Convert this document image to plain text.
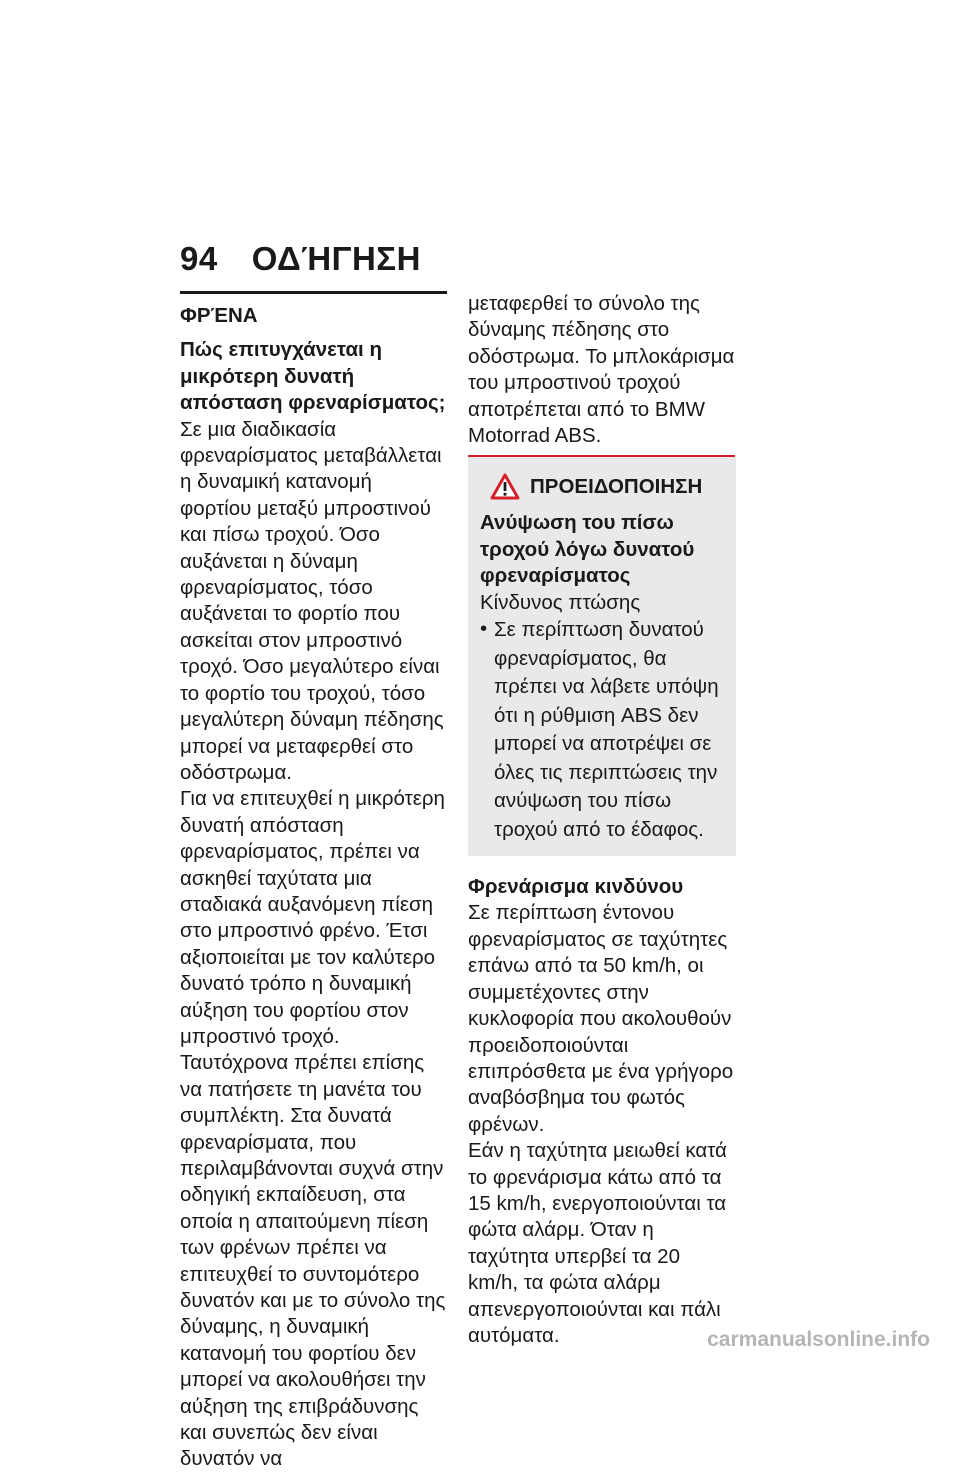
94 ΟΔΉΓΗΣΗ
ΦΡΈΝΑ
Πώς επιτυγχάνεται η μικρότερη δυνατή απόσταση φρεναρίσματος;

Σε μια διαδικασία φρεναρίσματος μεταβάλλεται η δυναμική κατανομή φορτίου μεταξύ μπροστινού και πίσω τροχού. Όσο αυξάνεται η δύναμη φρεναρίσματος, τόσο αυξάνεται το φορτίο που ασκείται στον μπροστινό τροχό. Όσο μεγαλύτερο είναι το φορτίο του τροχού, τόσο μεγαλύτερη δύναμη πέδησης μπορεί να μεταφερθεί στο οδόστρωμα.

Για να επιτευχθεί η μικρότερη δυνατή απόσταση φρεναρίσματος, πρέπει να ασκηθεί ταχύτατα μια σταδιακά αυξανόμενη πίεση στο μπροστινό φρένο. Έτσι αξιοποιείται με τον καλύτερο δυνατό τρόπο η δυναμική αύξηση του φορτίου στον μπροστινό τροχό. Ταυτόχρονα πρέπει επίσης να πατήσετε τη μανέτα του συμπλέκτη. Στα δυνατά φρεναρίσματα, που περιλαμβάνονται συχνά στην οδηγική εκπαίδευση, στα οποία η απαιτούμενη πίεση των φρένων πρέπει να επιτευχθεί το συντομότερο δυνατόν και με το σύνολο της δύναμης, η δυναμική κατανομή του φορτίου δεν μπορεί να ακολουθήσει την αύξηση της επιβράδυνσης και συνεπώς δεν είναι δυνατόν να

μεταφερθεί το σύνολο της δύναμης πέδησης στο οδόστρωμα. Το μπλοκάρισμα του μπροστινού τροχού αποτρέπεται από το BMW Motorrad ABS.

ΠΡΟΕΙΔΟΠΟΙΗΣΗ
Ανύψωση του πίσω τροχού λόγω δυνατού φρεναρίσματος

Κίνδυνος πτώσης

• Σε περίπτωση δυνατού φρεναρίσματος, θα πρέπει να λάβετε υπόψη ότι η ρύθμιση ABS δεν μπορεί να αποτρέψει σε όλες τις περιπτώσεις την ανύψωση του πίσω τροχού από το έδαφος.
Φρενάρισμα κινδύνου

Σε περίπτωση έντονου φρεναρίσματος σε ταχύτητες επάνω από τα 50 km/h, οι συμμετέχοντες στην κυκλοφορία που ακολουθούν προειδοποιούνται επιπρόσθετα με ένα γρήγορο αναβόσβημα του φωτός φρένων.

Εάν η ταχύτητα μειωθεί κατά το φρενάρισμα κάτω από τα 15 km/h, ενεργοποιούνται τα φώτα αλάρμ. Όταν η ταχύτητα υπερβεί τα 20 km/h, τα φώτα αλάρμ απενεργοποιούνται και πάλι αυτόματα.	carmanualsonline.info
